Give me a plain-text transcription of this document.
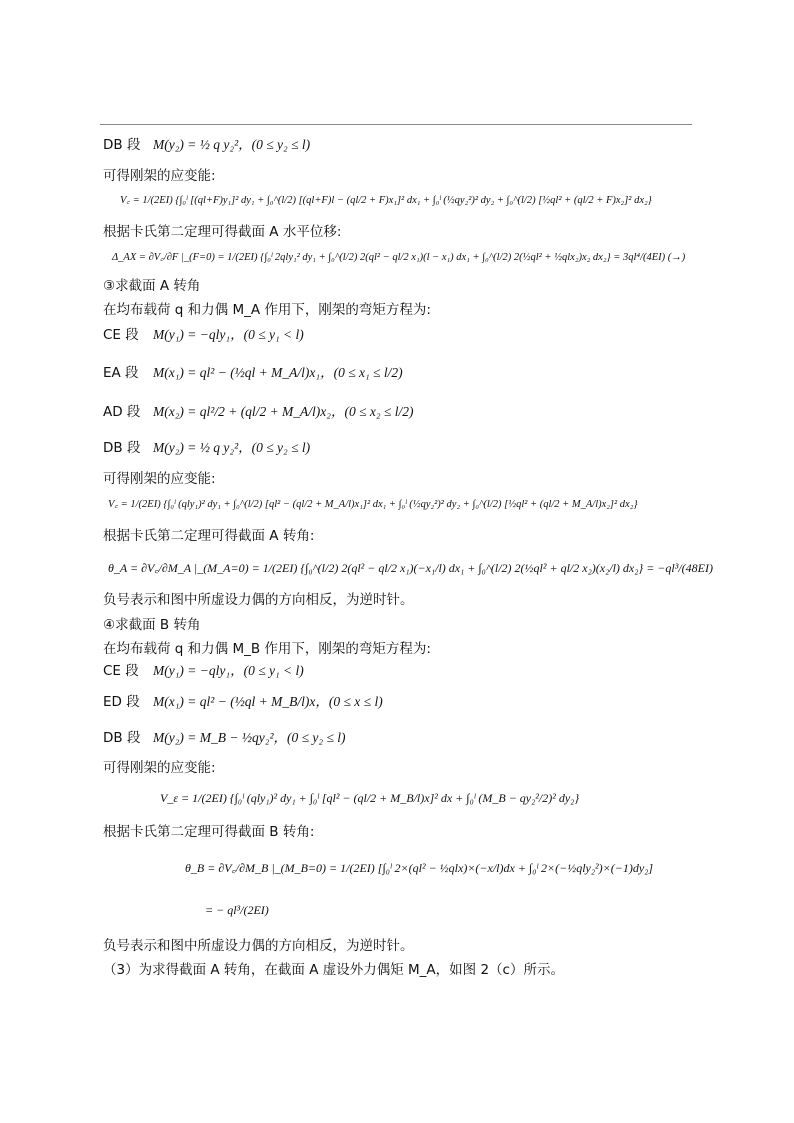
DB 段 M(y₂) = ½ q y₂²，(0 ≤ y₂ ≤ l)
可得刚架的应变能:
V꜀ = 1/(2EI) {∫₀ˡ [(ql+F)y₁]² dy₁ + ∫₀^(l/2) [(ql+F)l − (ql/2 + F)x₁]² dx₁ + ∫₀ˡ (½qy₂²)² dy₂ + ∫₀^(l/2) [½ql² + (ql/2 + F)x₂]² dx₂}
根据卡氏第二定理可得截面 A 水平位移:
Δ_AX = ∂V꜀/∂F |_(F=0) = 1/(2EI) {∫₀ˡ 2qly₁² dy₁ + ∫₀^(l/2) 2(ql² − ql/2 x₁)(l − x₁) dx₁ + ∫₀^(l/2) 2(½ql² + ½qlx₂)x₂ dx₂} = 3ql⁴/(4EI) (→)
③求截面 A 转角
在均布载荷 q 和力偶 M_A 作用下，刚架的弯矩方程为:
CE 段 M(y₁) = −qly₁，(0 ≤ y₁ < l)
EA 段 M(x₁) = ql² − (½ql + M_A/l)x₁，(0 ≤ x₁ ≤ l/2)
AD 段 M(x₂) = ql²/2 + (ql/2 + M_A/l)x₂，(0 ≤ x₂ ≤ l/2)
DB 段 M(y₂) = ½ q y₂²，(0 ≤ y₂ ≤ l)
可得刚架的应变能:
V꜀ = 1/(2EI) {∫₀ˡ (qly₁)² dy₁ + ∫₀^(l/2) [ql² − (ql/2 + M_A/l)x₁]² dx₁ + ∫₀ˡ (½qy₂²)² dy₂ + ∫₀^(l/2) [½ql² + (ql/2 + M_A/l)x₂]² dx₂}
根据卡氏第二定理可得截面 A 转角:
θ_A = ∂V꜀/∂M_A |_(M_A=0) = 1/(2EI) {∫₀^(l/2) 2(ql² − ql/2 x₁)(−x₁/l) dx₁ + ∫₀^(l/2) 2(½ql² + ql/2 x₂)(x₂/l) dx₂} = −ql³/(48EI)
负号表示和图中所虚设力偶的方向相反，为逆时针。
④求截面 B 转角
在均布载荷 q 和力偶 M_B 作用下，刚架的弯矩方程为:
CE 段 M(y₁) = −qly₁，(0 ≤ y₁ < l)
ED 段 M(x₁) = ql² − (½ql + M_B/l)x，(0 ≤ x ≤ l)
DB 段 M(y₂) = M_B − ½qy₂²，(0 ≤ y₂ ≤ l)
可得刚架的应变能:
V_ε = 1/(2EI) {∫₀ˡ (qly₁)² dy₁ + ∫₀ˡ [ql² − (ql/2 + M_B/l)x]² dx + ∫₀ˡ (M_B − qy₂²/2)² dy₂}
根据卡氏第二定理可得截面 B 转角:
θ_B = ∂V꜀/∂M_B |_(M_B=0) = 1/(2EI) [∫₀ˡ 2×(ql² − ½qlx)×(−x/l)dx + ∫₀ˡ 2×(−½qly₂²)×(−1)dy₂]
= − ql³/(2EI)
负号表示和图中所虚设力偶的方向相反，为逆时针。
（3）为求得截面 A 转角，在截面 A 虚设外力偶矩 M_A，如图 2（c）所示。
